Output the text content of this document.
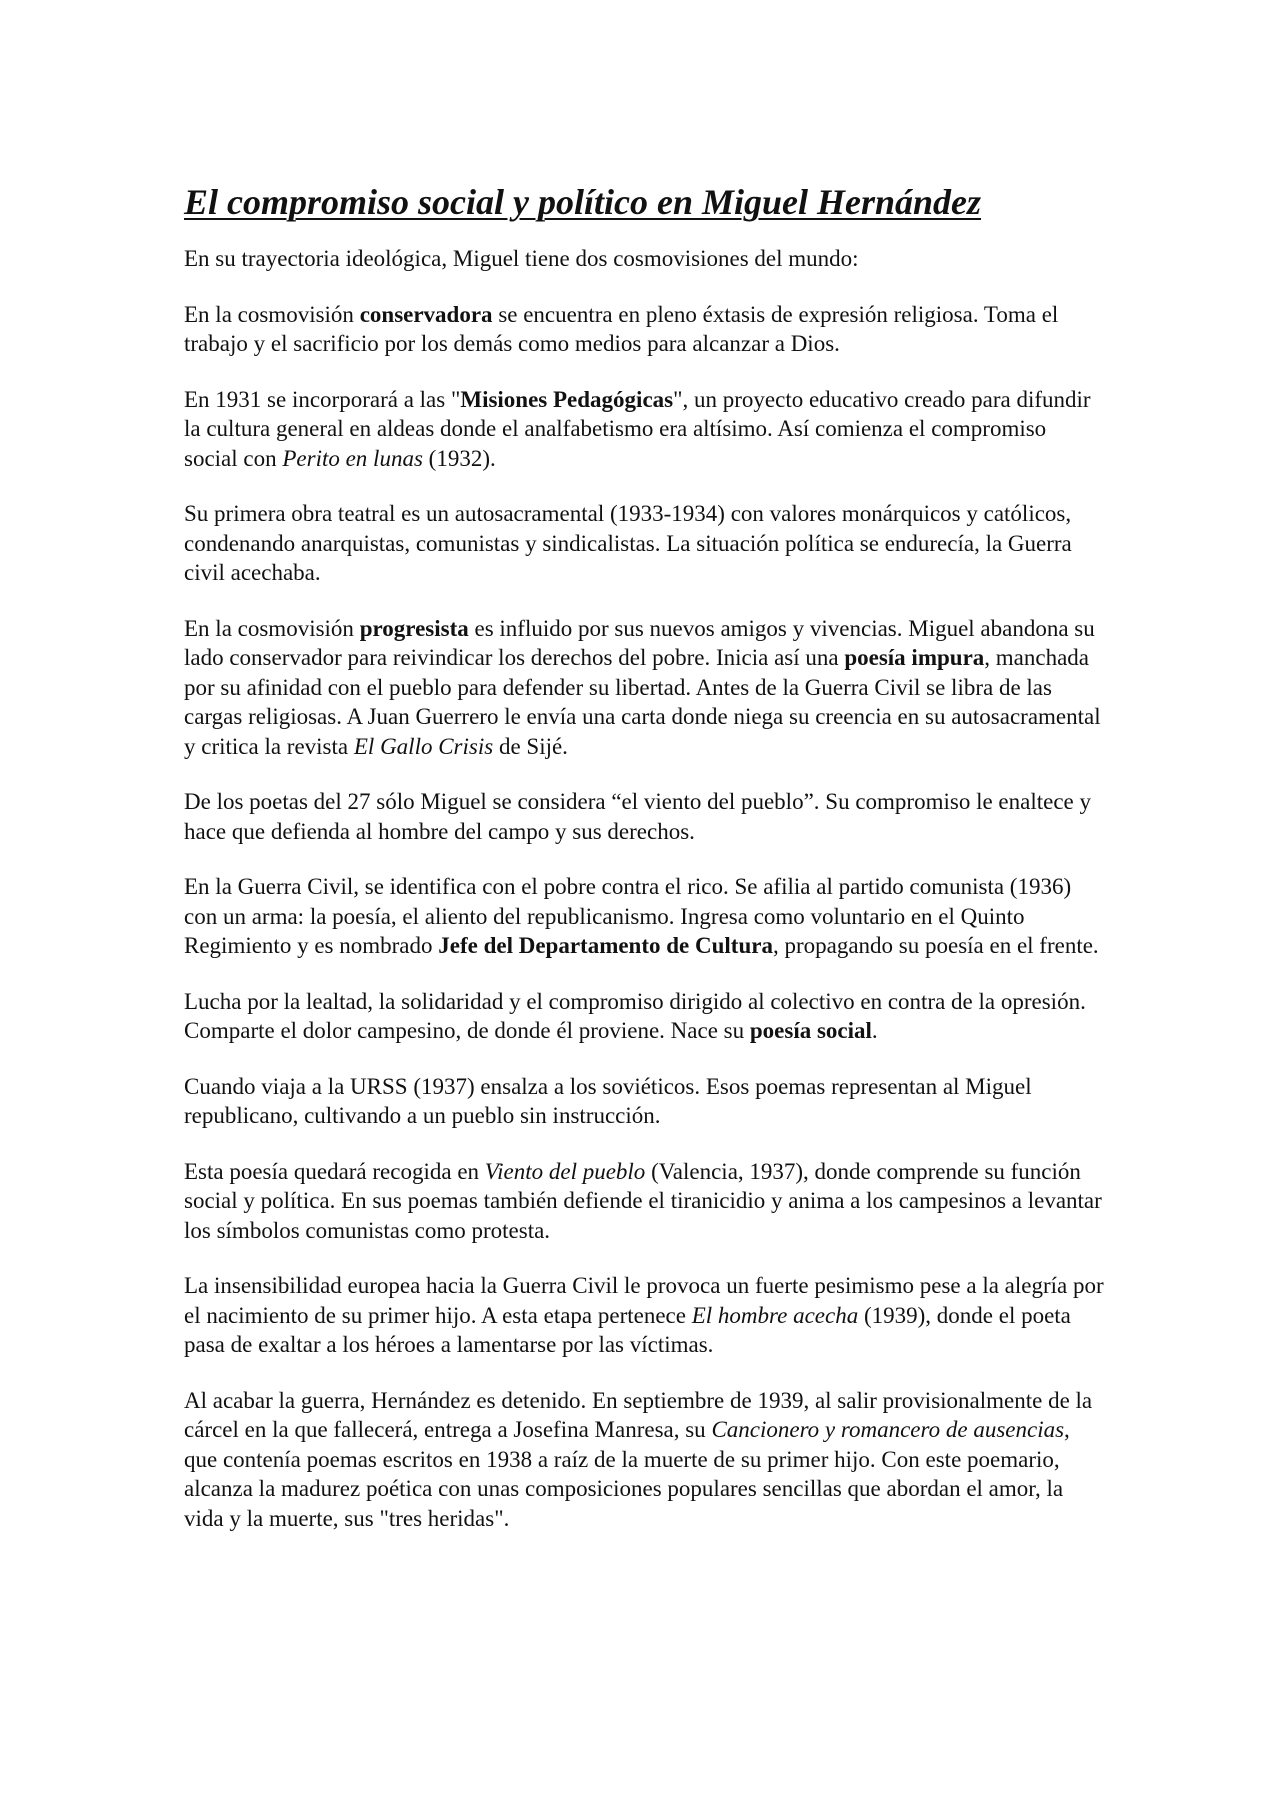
El compromiso social y político en Miguel Hernández

En su trayectoria ideológica, Miguel tiene dos cosmovisiones del mundo:

En la cosmovisión conservadora se encuentra en pleno éxtasis de expresión religiosa. Toma el trabajo y el sacrificio por los demás como medios para alcanzar a Dios.

En 1931 se incorporará a las "Misiones Pedagógicas", un proyecto educativo creado para difundir la cultura general en aldeas donde el analfabetismo era altísimo. Así comienza el compromiso social con Perito en lunas (1932).

Su primera obra teatral es un autosacramental (1933-1934) con valores monárquicos y católicos, condenando anarquistas, comunistas y sindicalistas. La situación política se endurecía, la Guerra civil acechaba.

En la cosmovisión progresista es influido por sus nuevos amigos y vivencias. Miguel abandona su lado conservador para reivindicar los derechos del pobre. Inicia así una poesía impura, manchada por su afinidad con el pueblo para defender su libertad. Antes de la Guerra Civil se libra de las cargas religiosas. A Juan Guerrero le envía una carta donde niega su creencia en su autosacramental y critica la revista El Gallo Crisis de Sijé.

De los poetas del 27 sólo Miguel se considera “el viento del pueblo”. Su compromiso le enaltece y hace que defienda al hombre del campo y sus derechos.

En la Guerra Civil, se identifica con el pobre contra el rico. Se afilia al partido comunista (1936) con un arma: la poesía, el aliento del republicanismo. Ingresa como voluntario en el Quinto Regimiento y es nombrado Jefe del Departamento de Cultura, propagando su poesía en el frente.

Lucha por la lealtad, la solidaridad y el compromiso dirigido al colectivo en contra de la opresión. Comparte el dolor campesino, de donde él proviene. Nace su poesía social.

Cuando viaja a la URSS (1937) ensalza a los soviéticos. Esos poemas representan al Miguel republicano, cultivando a un pueblo sin instrucción.

Esta poesía quedará recogida en Viento del pueblo (Valencia, 1937), donde comprende su función social y política. En sus poemas también defiende el tiranicidio y anima a los campesinos a levantar los símbolos comunistas como protesta.

La insensibilidad europea hacia la Guerra Civil le provoca un fuerte pesimismo pese a la alegría por el nacimiento de su primer hijo. A esta etapa pertenece El hombre acecha (1939), donde el poeta pasa de exaltar a los héroes a lamentarse por las víctimas.

Al acabar la guerra, Hernández es detenido. En septiembre de 1939, al salir provisionalmente de la cárcel en la que fallecerá, entrega a Josefina Manresa, su Cancionero y romancero de ausencias, que contenía poemas escritos en 1938 a raíz de la muerte de su primer hijo. Con este poemario, alcanza la madurez poética con unas composiciones populares sencillas que abordan el amor, la vida y la muerte, sus "tres heridas".
